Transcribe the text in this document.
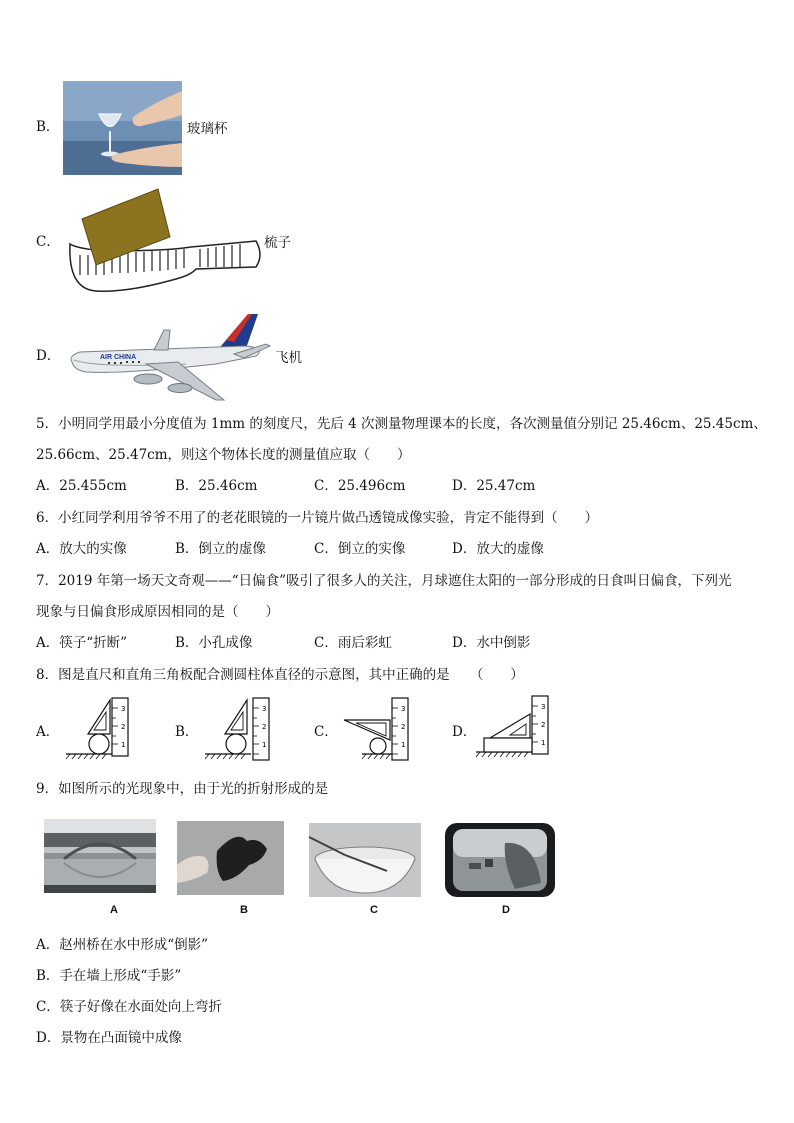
B．	玻璃杯
C．	梳子
D．	AIR CHINA	飞机
5．小明同学用最小分度值为 1mm 的刻度尺，先后 4 次测量物理课本的长度，各次测量值分别记 25.46cm、25.45cm、
25.66cm、25.47cm，则这个物体长度的测量值应取（　　）
A．25.455cm	B．25.46cm	C．25.496cm	D．25.47cm
6．小红同学利用爷爷不用了的老花眼镜的一片镜片做凸透镜成像实验，肯定不能得到（　　）
A．放大的实像	B．倒立的虚像	C．倒立的实像	D．放大的虚像
7．2019 年第一场天文奇观——“日偏食”吸引了很多人的关注，月球遮住太阳的一部分形成的日食叫日偏食，下列光
现象与日偏食形成原因相同的是（　　）
A．筷子“折断”	B．小孔成像	C．雨后彩虹	D．水中倒影
8．图是直尺和直角三角板配合测圆柱体直径的示意图，其中正确的是　　（　　）
A．	B．	C．	D．
3
2
1
3
2
1
3
2
1
3
2
1
9．如图所示的光现象中，由于光的折射形成的是
A	B	C	D
A．赵州桥在水中形成“倒影”
B．手在墙上形成“手影”
C．筷子好像在水面处向上弯折
D．景物在凸面镜中成像
